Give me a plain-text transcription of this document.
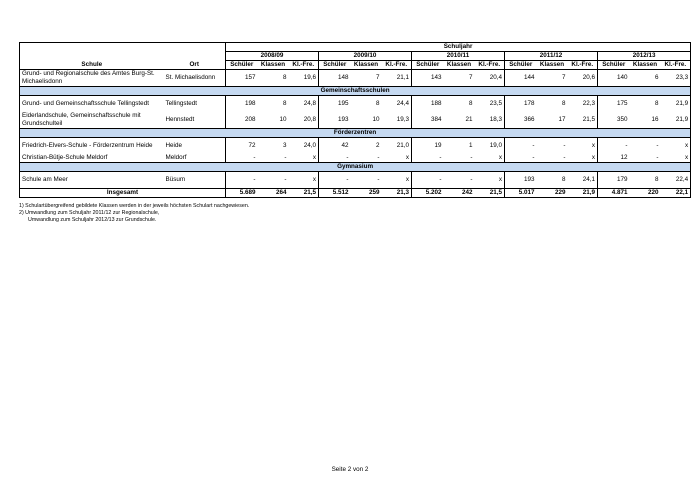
		Schuljahr														
		2008/09			2009/10			2010/11			2011/12			2012/13		
Schule	Ort	Schüler	Klassen	Kl.-Fre.	Schüler	Klassen	Kl.-Fre.	Schüler	Klassen	Kl.-Fre.	Schüler	Klassen	Kl.-Fre.	Schüler	Klassen	Kl.-Fre.
Grund- und Regionalschule des Amtes Burg-St. Michaelisdonn	St. Michaelisdonn	157	8	19,6	148	7	21,1	143	7	20,4	144	7	20,6	140	6	23,3
Gemeinschaftsschulen																
Grund- und Gemeinschaftsschule Tellingstedt	Tellingstedt	198	8	24,8	195	8	24,4	188	8	23,5	178	8	22,3	175	8	21,9
Eiderlandschule, Gemeinschaftsschule mit Grundschulteil	Hennstedt	208	10	20,8	193	10	19,3	384	21	18,3	366	17	21,5	350	16	21,9
Förderzentren																
Friedrich-Elvers-Schule - Förderzentrum Heide	Heide	72	3	24,0	42	2	21,0	19	1	19,0	-	-	x	-	-	x
Christian-Bütje-Schule Meldorf	Meldorf	-	-	x	-	-	x	-	-	x	-	-	x	12	-	x
Gymnasium																
Schule am Meer	Büsum	-	-	x	-	-	x	-	-	x	193	8	24,1	179	8	22,4
Insgesamt		5.689	264	21,5	5.512	259	21,3	5.202	242	21,5	5.017	229	21,9	4.871	220	22,1
1) Schulartübergreifend gebildete Klassen werden in der jeweils höchsten Schulart nachgewiesen.
2) Umwandlung zum Schuljahr 2011/12 zur Regionalschule,
Umwandlung zum Schuljahr 2012/13 zur Grundschule.
Seite 2 von 2
